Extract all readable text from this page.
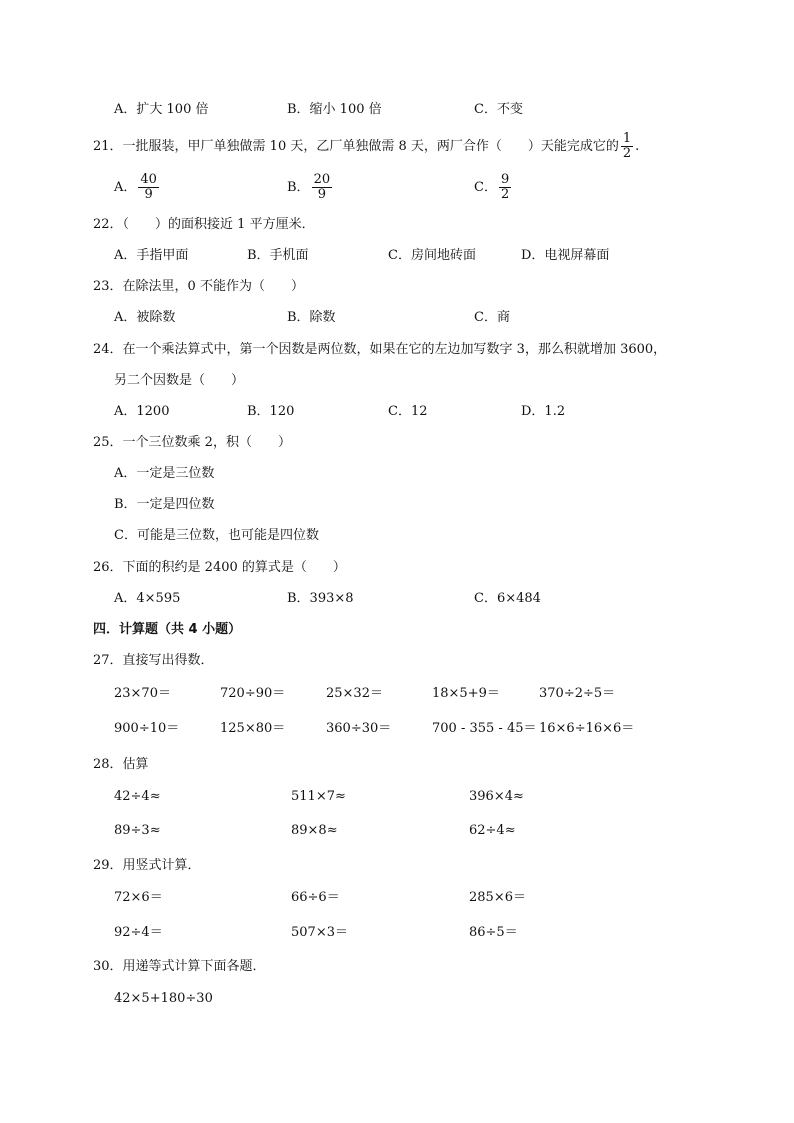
A．扩大 100 倍	B．缩小 100 倍	C．不变
21．一批服装，甲厂单独做需 10 天，乙厂单独做需 8 天，两厂合作（　　）天能完成它的 $\frac{1}{2}$ .
A． $\frac{40}{9}$	B． $\frac{20}{9}$	C． $\frac{9}{2}$
22．（　　）的面积接近 1 平方厘米．
A．手指甲面	B．手机面	C．房间地砖面	D．电视屏幕面
23．在除法里，0 不能作为（　　）
A．被除数	B．除数	C．商
24．在一个乘法算式中，第一个因数是两位数，如果在它的左边加写数字 3，那么积就增加 3600，
另二个因数是（　　）
A．1200	B．120	C．12	D．1.2
25．一个三位数乘 2，积（　　）
A．一定是三位数
B．一定是四位数
C．可能是三位数，也可能是四位数
26．下面的积约是 2400 的算式是（　　）
A．4×595	B．393×8	C．6×484
四．计算题（共 4 小题）
27．直接写出得数．
23×70＝	720÷90＝	25×32＝	18×5+9＝	370÷2÷5＝
900÷10＝	125×80＝	360÷30＝	700 - 355 - 45＝ 16×6÷16×6＝
28．估算
42÷4≈	511×7≈	396×4≈
89÷3≈	89×8≈	62÷4≈
29．用竖式计算．
72×6＝	66÷6＝	285×6＝
92÷4＝	507×3＝	86÷5＝
30．用递等式计算下面各题．
42×5+180÷30
